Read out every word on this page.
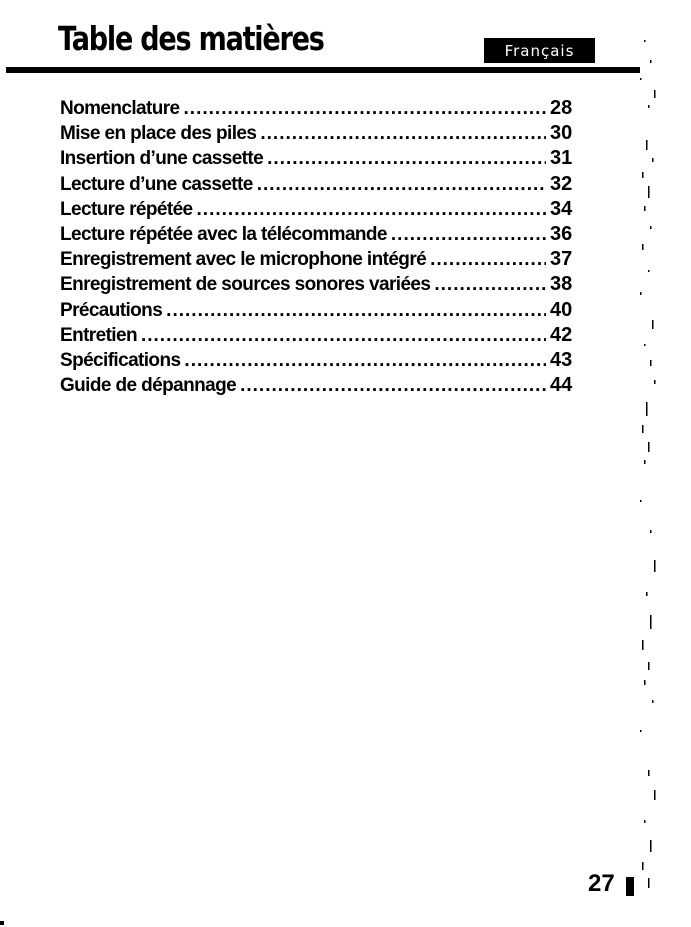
Table des matières	Français
Nomenclature .....	28
Mise en place des piles .....	30
Insertion d’une cassette .....	31
Lecture d’une cassette .....	32
Lecture répétée .....	34
Lecture répétée avec la télécommande .....	36
Enregistrement avec le microphone intégré .....	37
Enregistrement de sources sonores variées .....	38
Précautions .....	40
Entretien .....	42
Spécifications .....	43
Guide de dépannage .....	44
27
